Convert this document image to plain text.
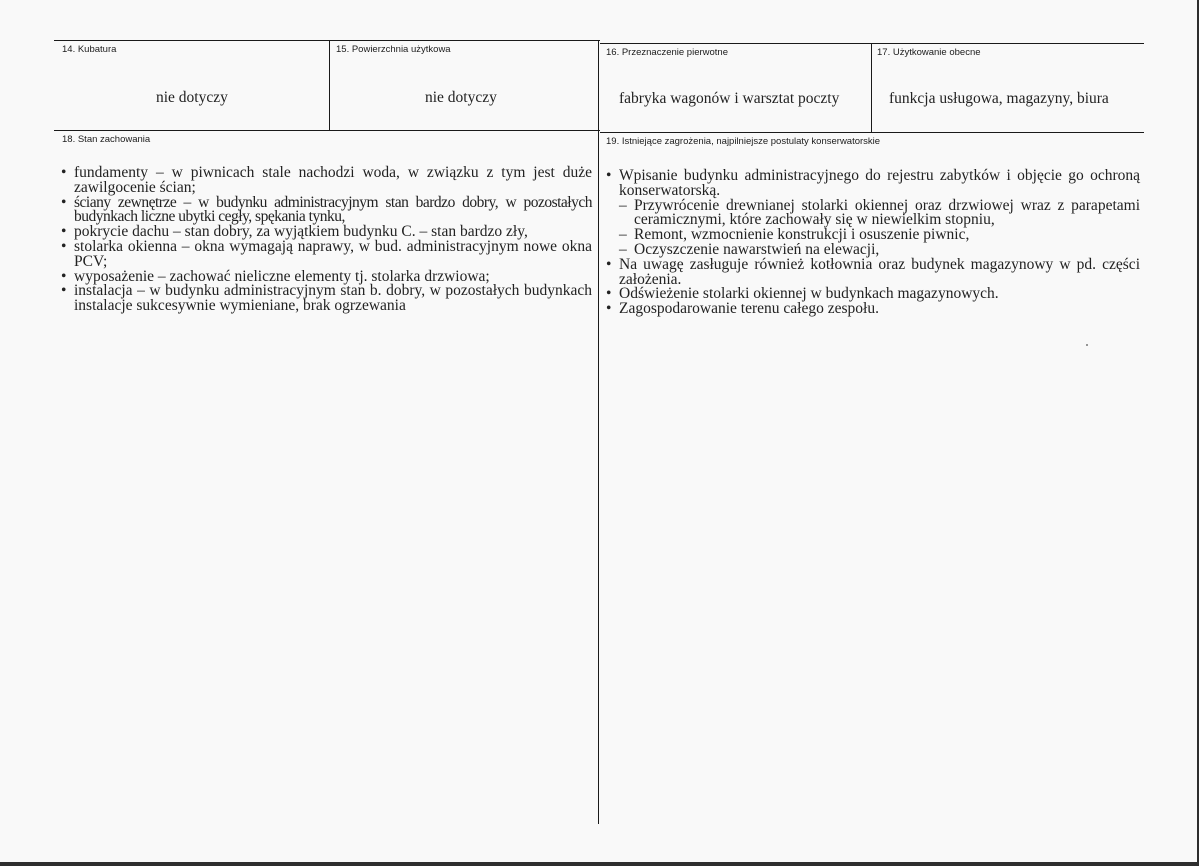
14. Kubatura
nie dotyczy
15. Powierzchnia użytkowa
nie dotyczy
16. Przeznaczenie pierwotne
fabryka wagonów i warsztat poczty
17. Użytkowanie obecne
funkcja usługowa, magazyny, biura
18. Stan zachowania
• fundamenty – w piwnicach stale nachodzi woda, w związku z tym jest duże zawilgocenie ścian;
• ściany zewnętrze – w budynku administracyjnym stan bardzo dobry, w pozostałych budynkach liczne ubytki cegły, spękania tynku,
• pokrycie dachu – stan dobry, za wyjątkiem budynku C. – stan bardzo zły,
• stolarka okienna – okna wymagają naprawy, w bud. administracyjnym nowe okna PCV;
• wyposażenie – zachować nieliczne elementy tj. stolarka drzwiowa;
• instalacja – w budynku administracyjnym stan b. dobry, w pozostałych budynkach instalacje sukcesywnie wymieniane, brak ogrzewania
19. Istniejące zagrożenia, najpilniejsze postulaty konserwatorskie
• Wpisanie budynku administracyjnego do rejestru zabytków i objęcie go ochroną konserwatorską.
– Przywrócenie drewnianej stolarki okiennej oraz drzwiowej wraz z parapetami ceramicznymi, które zachowały się w niewielkim stopniu,
– Remont, wzmocnienie konstrukcji i osuszenie piwnic,
– Oczyszczenie nawarstwień na elewacji,
• Na uwagę zasługuje również kotłownia oraz budynek magazynowy w pd. części założenia.
• Odświeżenie stolarki okiennej w budynkach magazynowych.
• Zagospodarowanie terenu całego zespołu.
